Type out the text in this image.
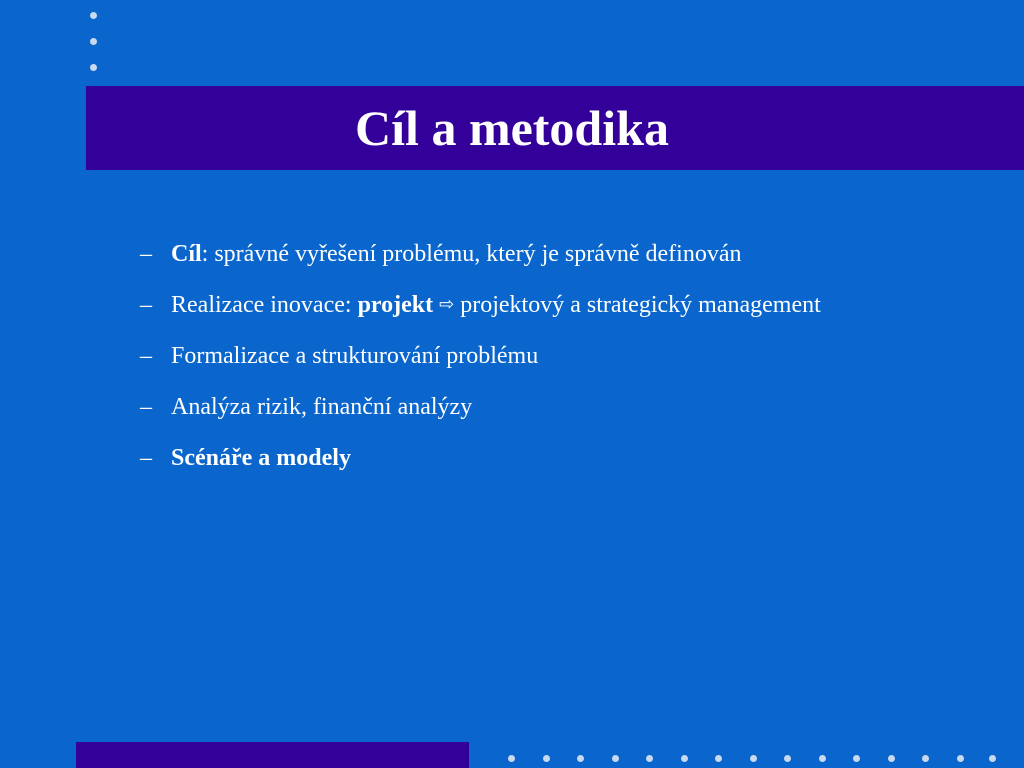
Cíl a metodika
– Cíl: správné vyřešení problému, který je správně definován
– Realizace inovace: projekt ⇨ projektový a strategický management
– Formalizace a strukturování problému
– Analýza rizik, finanční analýzy
– Scénáře a modely
